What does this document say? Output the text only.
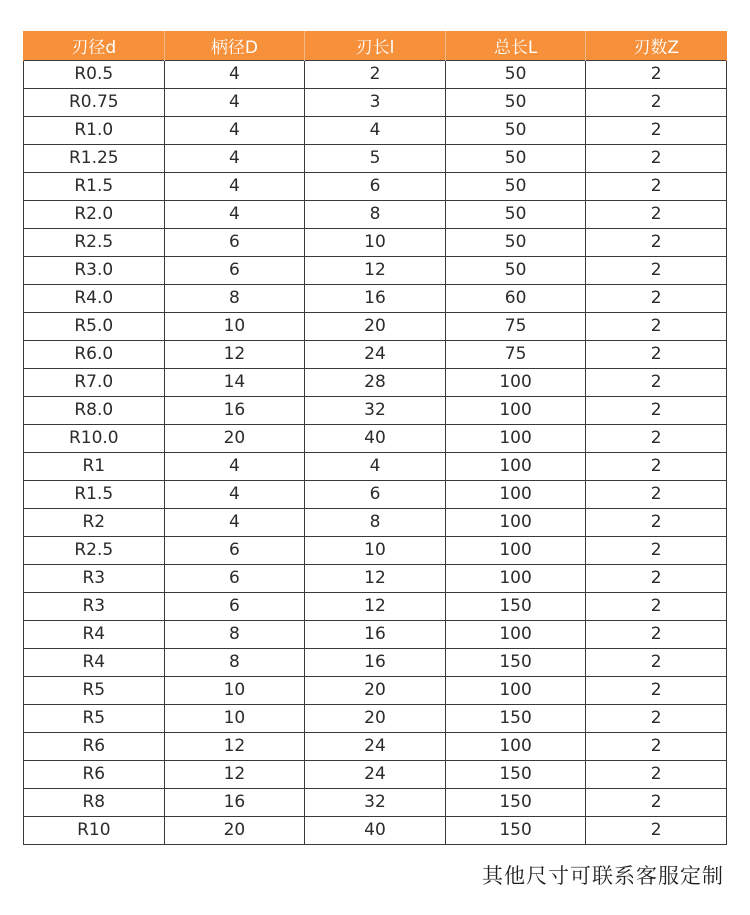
刃径d	柄径D	刃长l	总长L	刃数Z
R0.5	4	2	50	2
R0.75	4	3	50	2
R1.0	4	4	50	2
R1.25	4	5	50	2
R1.5	4	6	50	2
R2.0	4	8	50	2
R2.5	6	10	50	2
R3.0	6	12	50	2
R4.0	8	16	60	2
R5.0	10	20	75	2
R6.0	12	24	75	2
R7.0	14	28	100	2
R8.0	16	32	100	2
R10.0	20	40	100	2
R1	4	4	100	2
R1.5	4	6	100	2
R2	4	8	100	2
R2.5	6	10	100	2
R3	6	12	100	2
R3	6	12	150	2
R4	8	16	100	2
R4	8	16	150	2
R5	10	20	100	2
R5	10	20	150	2
R6	12	24	100	2
R6	12	24	150	2
R8	16	32	150	2
R10	20	40	150	2
其他尺寸可联系客服定制
